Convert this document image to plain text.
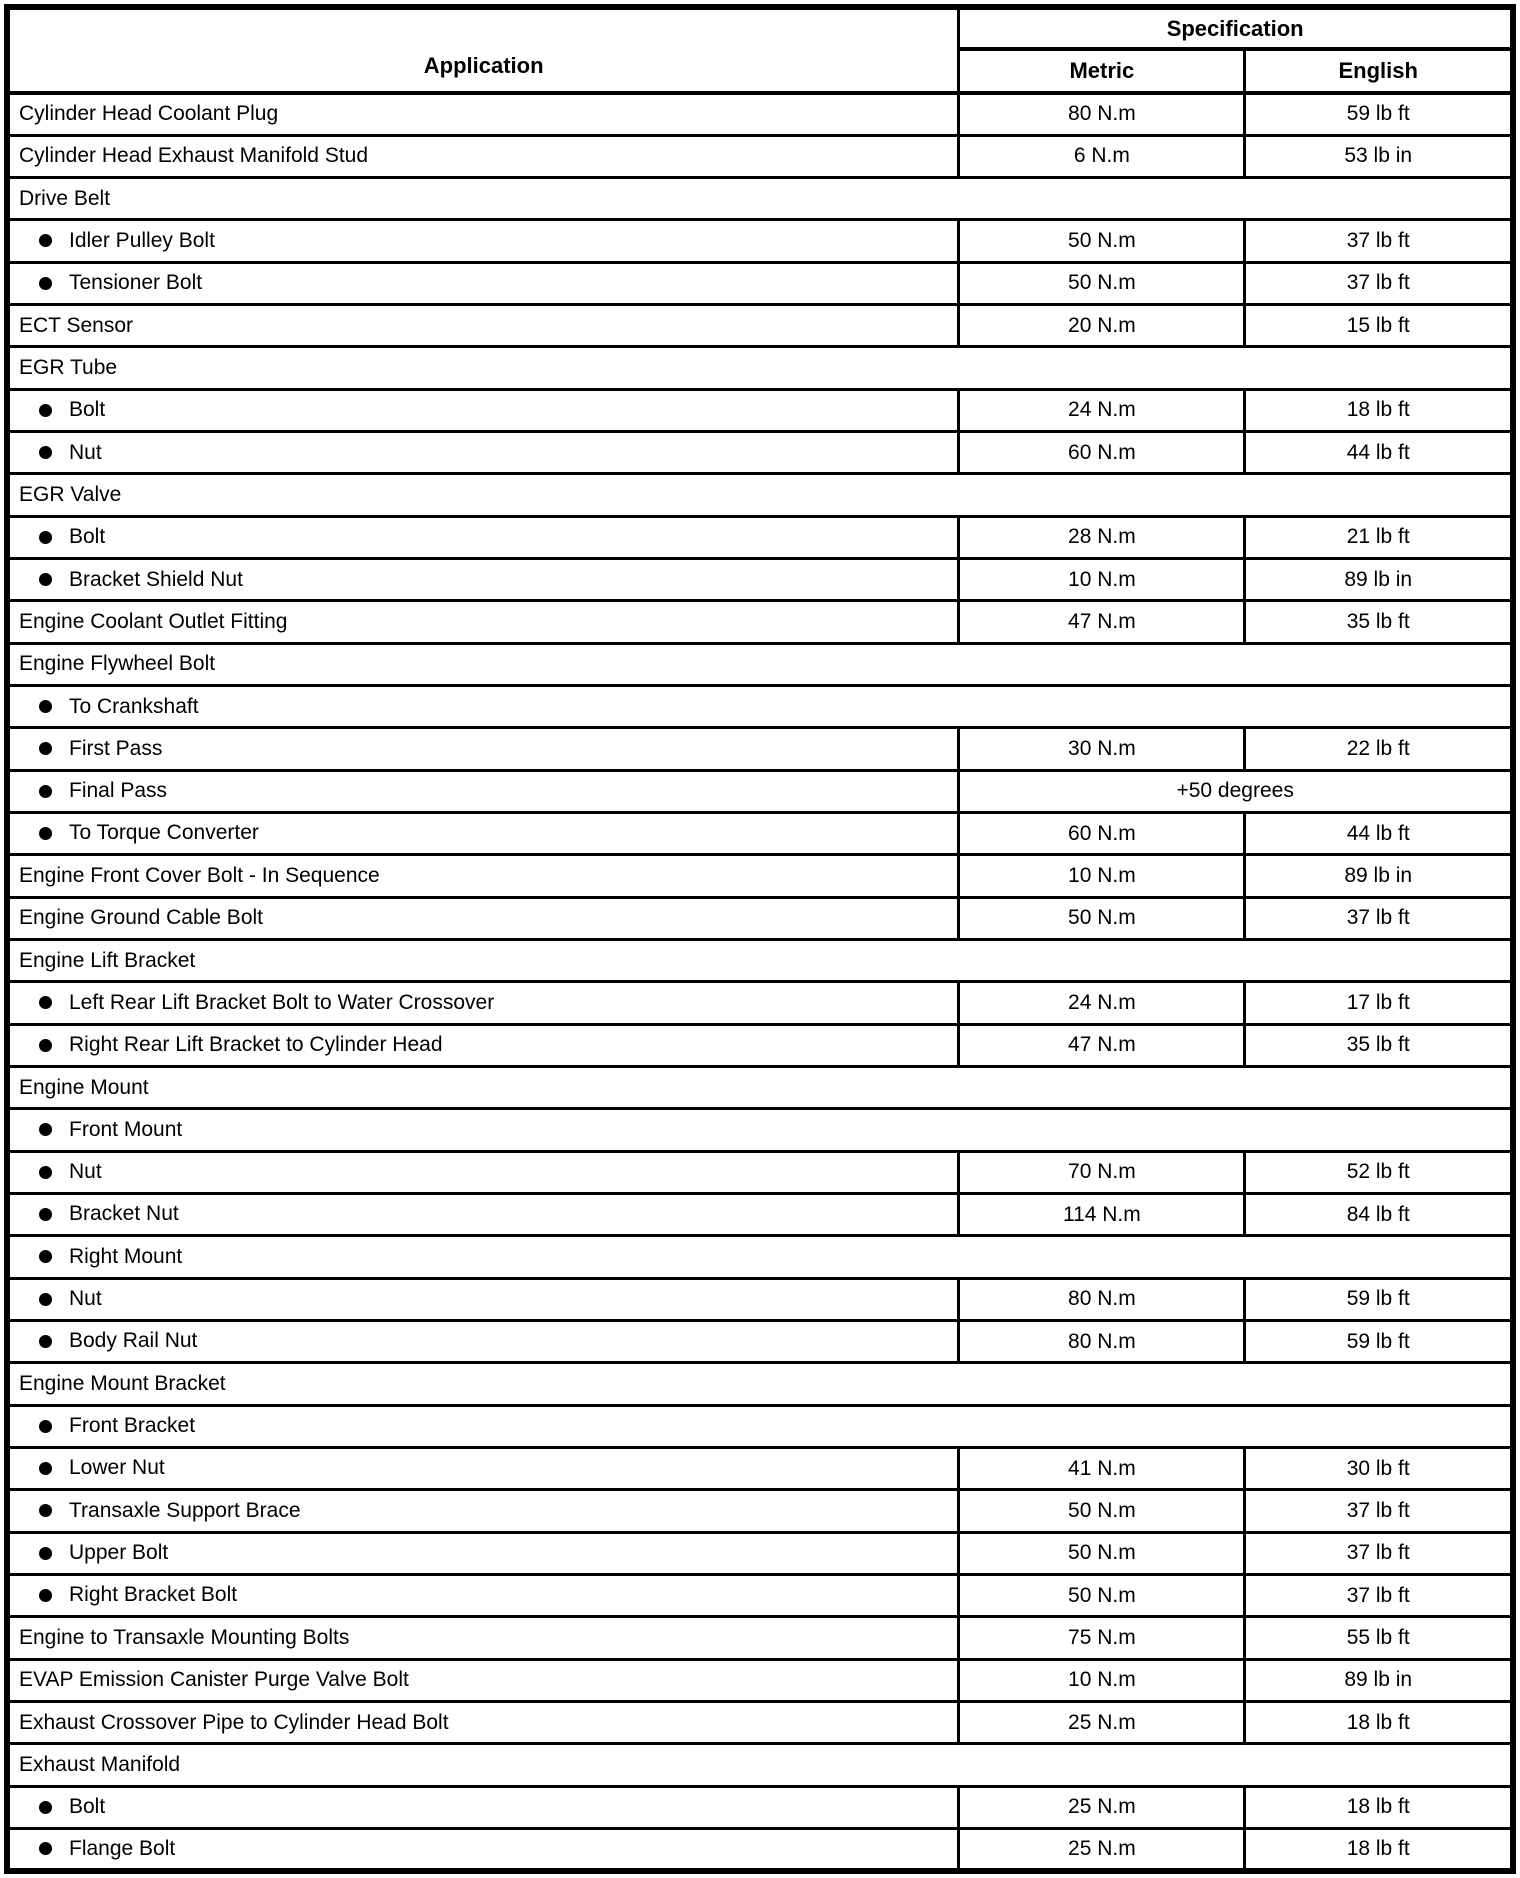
Application	Specification	
	Metric	English
Cylinder Head Coolant Plug	80 N.m	59 lb ft
Cylinder Head Exhaust Manifold Stud	6 N.m	53 lb in
Drive Belt		

Idler Pulley Bolt	50 N.m	37 lb ft

Tensioner Bolt	50 N.m	37 lb ft
ECT Sensor	20 N.m	15 lb ft
EGR Tube		

Bolt	24 N.m	18 lb ft

Nut	60 N.m	44 lb ft
EGR Valve		

Bolt	28 N.m	21 lb ft

Bracket Shield Nut	10 N.m	89 lb in
Engine Coolant Outlet Fitting	47 N.m	35 lb ft
Engine Flywheel Bolt		

To Crankshaft		

First Pass	30 N.m	22 lb ft

Final Pass	+50 degrees	

To Torque Converter	60 N.m	44 lb ft
Engine Front Cover Bolt - In Sequence	10 N.m	89 lb in
Engine Ground Cable Bolt	50 N.m	37 lb ft
Engine Lift Bracket		

Left Rear Lift Bracket Bolt to Water Crossover	24 N.m	17 lb ft

Right Rear Lift Bracket to Cylinder Head	47 N.m	35 lb ft
Engine Mount		

Front Mount		

Nut	70 N.m	52 lb ft

Bracket Nut	114 N.m	84 lb ft

Right Mount		

Nut	80 N.m	59 lb ft

Body Rail Nut	80 N.m	59 lb ft
Engine Mount Bracket		

Front Bracket		

Lower Nut	41 N.m	30 lb ft

Transaxle Support Brace	50 N.m	37 lb ft

Upper Bolt	50 N.m	37 lb ft

Right Bracket Bolt	50 N.m	37 lb ft
Engine to Transaxle Mounting Bolts	75 N.m	55 lb ft
EVAP Emission Canister Purge Valve Bolt	10 N.m	89 lb in
Exhaust Crossover Pipe to Cylinder Head Bolt	25 N.m	18 lb ft
Exhaust Manifold		

Bolt	25 N.m	18 lb ft

Flange Bolt	25 N.m	18 lb ft
